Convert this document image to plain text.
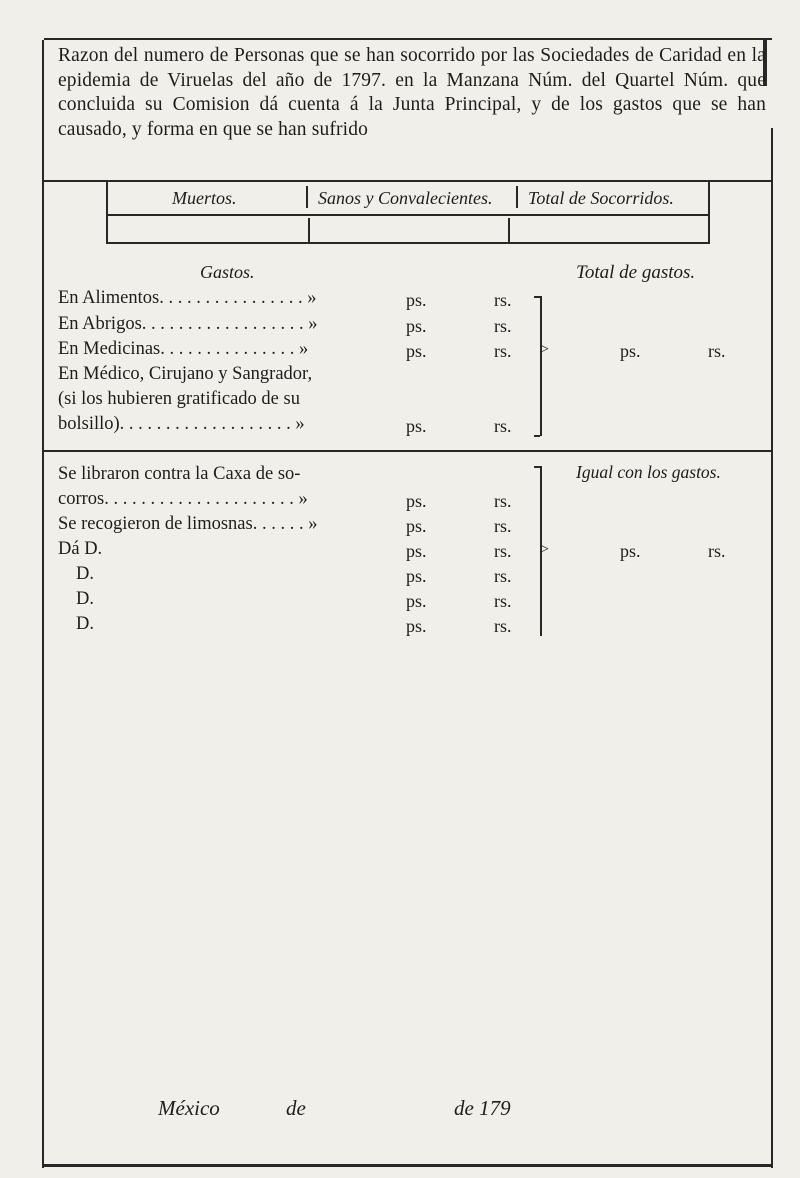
Razon del numero de Personas que se han socorrido por las Sociedades de Caridad en la epidemia de Viruelas del año de 1797. en la Manzana Núm. del Quartel Núm. que concluida su Comision dá cuenta á la Junta Principal, y de los gastos que se han causado, y forma en que se han sufrido
Muertos.	Sanos y Convalecientes. Total de Socorridos.
Gastos.	Total de gastos.
En Alimentos. . . . . . . . . . . . . . . . »	ps.	rs.
En Abrigos. . . . . . . . . . . . . . . . . . »	ps.	rs.
En Medicinas. . . . . . . . . . . . . . . »	ps.	rs.
En Médico, Cirujano y Sangrador,
(si los hubieren gratificado de su
bolsillo). . . . . . . . . . . . . . . . . . . »	ps.	rs.
>	ps.	rs.
Igual con los gastos.
Se libraron contra la Caxa de so-
corros. . . . . . . . . . . . . . . . . . . . . »	ps.	rs.
Se recogieron de limosnas. . . . . . »	ps.	rs.
Dá D.	ps.	rs.
D.	ps.	rs.
D.	ps.	rs.
D.	ps.	rs.
>	ps.	rs.
México	de	de 179
